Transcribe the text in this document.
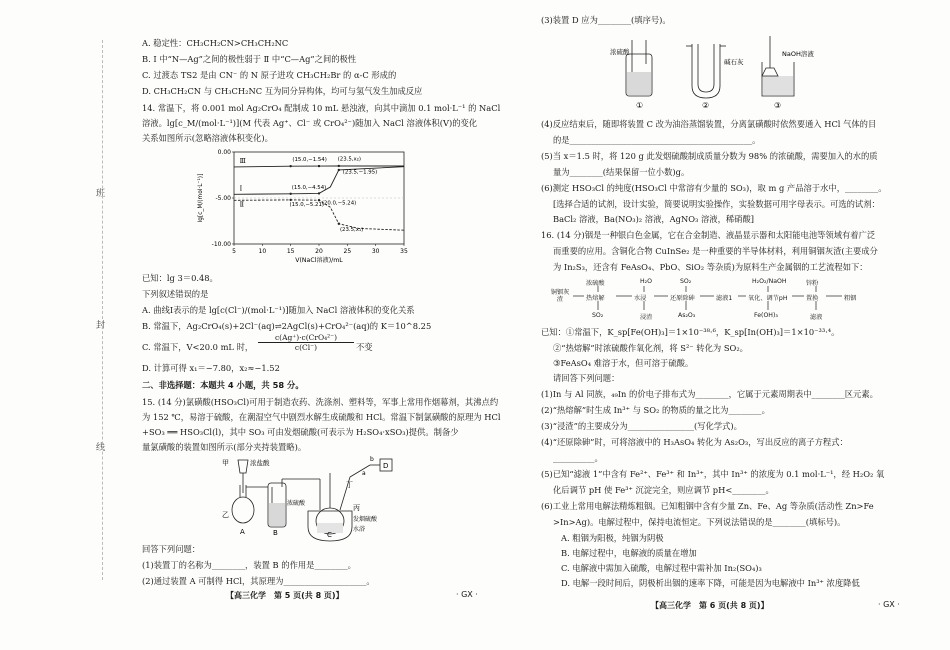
班
封
线
A. 稳定性：CH₃CH₂CN>CH₃CH₂NC
B. Ⅰ 中“N—Ag”之间的极性弱于 Ⅱ 中“C—Ag”之间的极性
C. 过渡态 TS2 是由 CN⁻ 的 N 原子进攻 CH₃CH₂Br 的 α-C 形成的
D. CH₃CH₂CN 与 CH₃CH₂NC 互为同分异构体，均可与氢气发生加成反应
14. 常温下，将 0.001 mol Ag₂CrO₄ 配制成 10 mL 悬浊液，向其中滴加 0.1 mol·L⁻¹ 的 NaCl
溶液。lg[c_M/(mol·L⁻¹)](M 代表 Ag⁺、Cl⁻ 或 CrO₄²⁻)随加入 NaCl 溶液体积(V)的变化
关系如图所示(忽略溶液体积变化)。
5	10	15	20	25	30	35
0.00
-5.00
-10.00
V(NaCl溶液)/mL
lg[c_M/(mol·L⁻¹)]
Ⅲ
Ⅰ
Ⅱ
(15.0,−1.54) (23.5,x₂)
(23.5,−1.95)
(15.0,−4.54)
(15.0,−5.21)
(20.0,−5.24)
(23.5,x₁)
已知：lg 3＝0.48。
下列叙述错误的是
A. 曲线Ⅰ表示的是 lg[c(Cl⁻)/(mol·L⁻¹)]随加入 NaCl 溶液体积的变化关系
B. 常温下，Ag₂CrO₄(s)+2Cl⁻(aq)⇌2AgCl(s)+CrO₄²⁻(aq)的 K＝10^8.25
C. 常温下，V<20.0 mL 时，
c(Ag⁺)·c(CrO₄²⁻)
c(Cl⁻)	不变
D. 计算可得 x₁＝−7.80，x₂≈−1.52
二、非选择题：本题共 4 小题，共 58 分。
15. (14 分)氯磺酸(HSO₃Cl)可用于制造农药、洗涤剂、塑料等，军事上常用作烟幕剂，其沸点约
为 152 ℃，易溶于硫酸，在潮湿空气中剧烈水解生成硫酸和 HCl。常温下制氯磺酸的原理为 HCl
+SO₃ ══ HSO₃Cl(l)，其中 SO₃ 可由发烟硫酸(可表示为 H₂SO₄·xSO₃)提供。制备少
量氯磺酸的装置如图所示(部分夹持装置略)。
甲	浓盐酸
乙
A
浓硫酸
B
丙
发烟硫酸
水浴
C
丁
a
b
D
回答下列问题：
(1)装置丁的名称为________，装置 B 的作用是________。
(2)通过装置 A 可制得 HCl，其原理为____________________。
【高三化学　第 5 页(共 8 页)】	· GX ·
(3)装置 D 应为________(填序号)。
浓硫酸
碱石灰
NaOH溶液
①	②	③
(4)反应结束后，随即将装置 C 改为油浴蒸馏装置，分离氯磺酸时依然要通入 HCl 气体的目
的是____________________________________________。
(5)当 x＝1.5 时，将 120 g 此发烟硫酸制成质量分数为 98% 的浓硫酸，需要加入的水的质
量为________(结果保留一位小数)g。
(6)测定 HSO₃Cl 的纯度(HSO₃Cl 中常溶有少量的 SO₃)，取 m g 产品溶于水中，________。
[选择合适的试剂，设计实验，简要说明实验操作，实验数据可用字母表示。可选的试剂：
BaCl₂ 溶液，Ba(NO₃)₂ 溶液，AgNO₃ 溶液，稀硝酸]
16. (14 分)铟是一种银白色金属，它在合金制造、液晶显示器和太阳能电池等领域有着广泛
而重要的应用。含铜化合物 CuInSe₂ 是一种重要的半导体材料，利用铜铟灰渣(主要成分
为 In₂S₃，还含有 FeAsO₄、PbO、SiO₂ 等杂质)为原料生产金属铟的工艺流程如下：
铜铟灰渣	热熔解	水浸	还原除砷	滤液1	氧化、调节pH	置换	粗铟
浓硫酸	H₂O	SO₂	H₂O₂/NaOH	锌粉
SO₂	浸渣	As₂O₃	Fe(OH)₃	滤液
已知：①常温下，K_sp[Fe(OH)₃]＝1×10⁻³⁸·⁶，K_sp[In(OH)₃]＝1×10⁻³³·⁴。
②“热熔解”时浓硫酸作氧化剂，将 S²⁻ 转化为 SO₂。
③FeAsO₄ 难溶于水，但可溶于硫酸。
请回答下列问题：
(1)In 与 Al 同族，₄₉In 的价电子排布式为________，它属于元素周期表中________区元素。
(2)“热熔解”时生成 In³⁺ 与 SO₂ 的物质的量之比为________。
(3)“浸渣”的主要成分为________________(写化学式)。
(4)“还原除砷”时，可将溶液中的 H₃AsO₄ 转化为 As₂O₃，写出反应的离子方程式：
__________。
(5)已知“滤液 1”中含有 Fe²⁺、Fe³⁺ 和 In³⁺，其中 In³⁺ 的浓度为 0.1 mol·L⁻¹，经 H₂O₂ 氧
化后调节 pH 使 Fe³⁺ 沉淀完全，则应调节 pH<________。
(6)工业上常用电解法精炼粗铟。已知粗铟中含有少量 Zn、Fe、Ag 等杂质(活动性 Zn>Fe
>In>Ag)。电解过程中，保持电流恒定。下列说法错误的是________(填标号)。
A. 粗铟为阳极，纯铟为阴极
B. 电解过程中，电解液的质量在增加
C. 电解液中需加入硫酸，电解过程中需补加 In₂(SO₄)₃
D. 电解一段时间后，阴极析出铟的速率下降，可能是因为电解液中 In³⁺ 浓度降低
【高三化学　第 6 页(共 8 页)】	· GX ·
